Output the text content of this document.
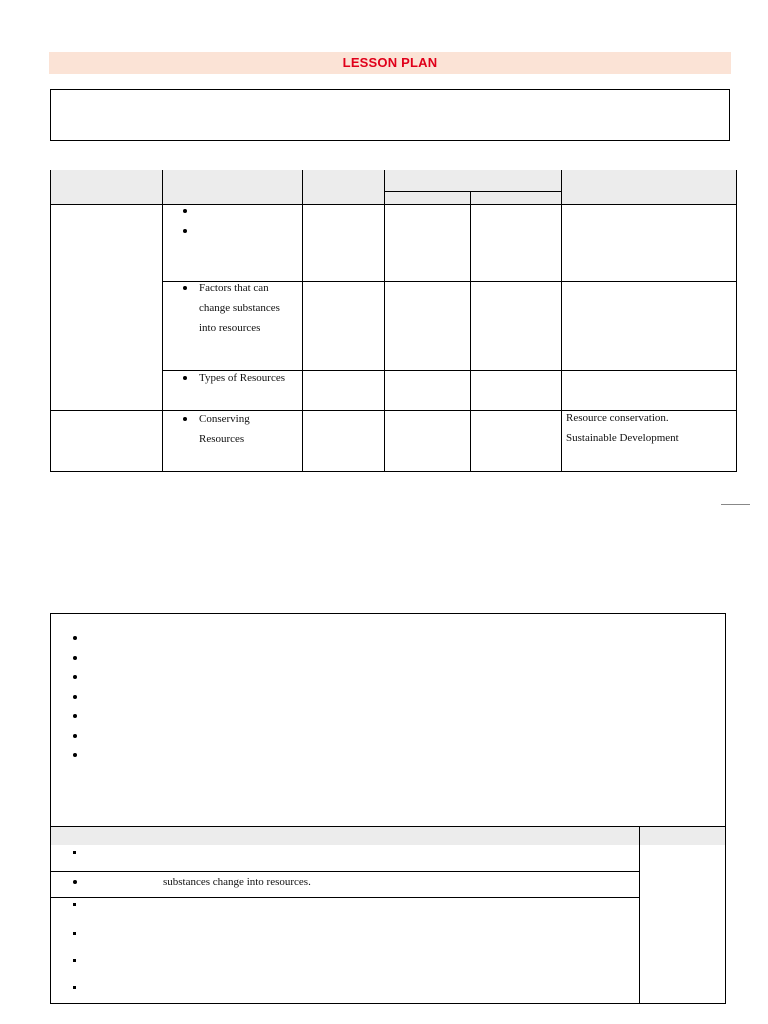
LESSON PLAN
Factors that can change substances into resources
Types of Resources
Conserving Resources
Resource conservation.
Sustainable Development
substances change into resources.
